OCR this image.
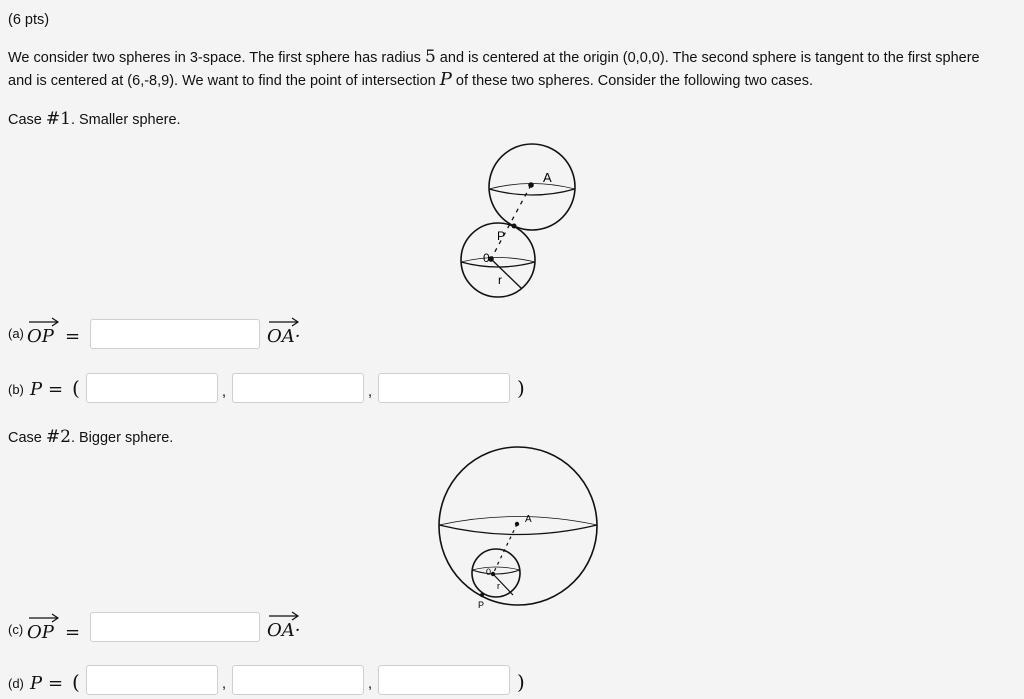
(6 pts)
We consider two spheres in 3-space. The first sphere has radius 5 and is centered at the origin (0,0,0). The second sphere is tangent to the first sphere
and is centered at (6,-8,9). We want to find the point of intersection P of these two spheres. Consider the following two cases.
Case #1. Smaller sphere.
A
P
0
r
(a) OP =	OA
·
(b) P = (	,	,	)
Case #2. Bigger sphere.
A
0
r
P
(c) OP =	OA
·
(d) P = (	,	,	)
